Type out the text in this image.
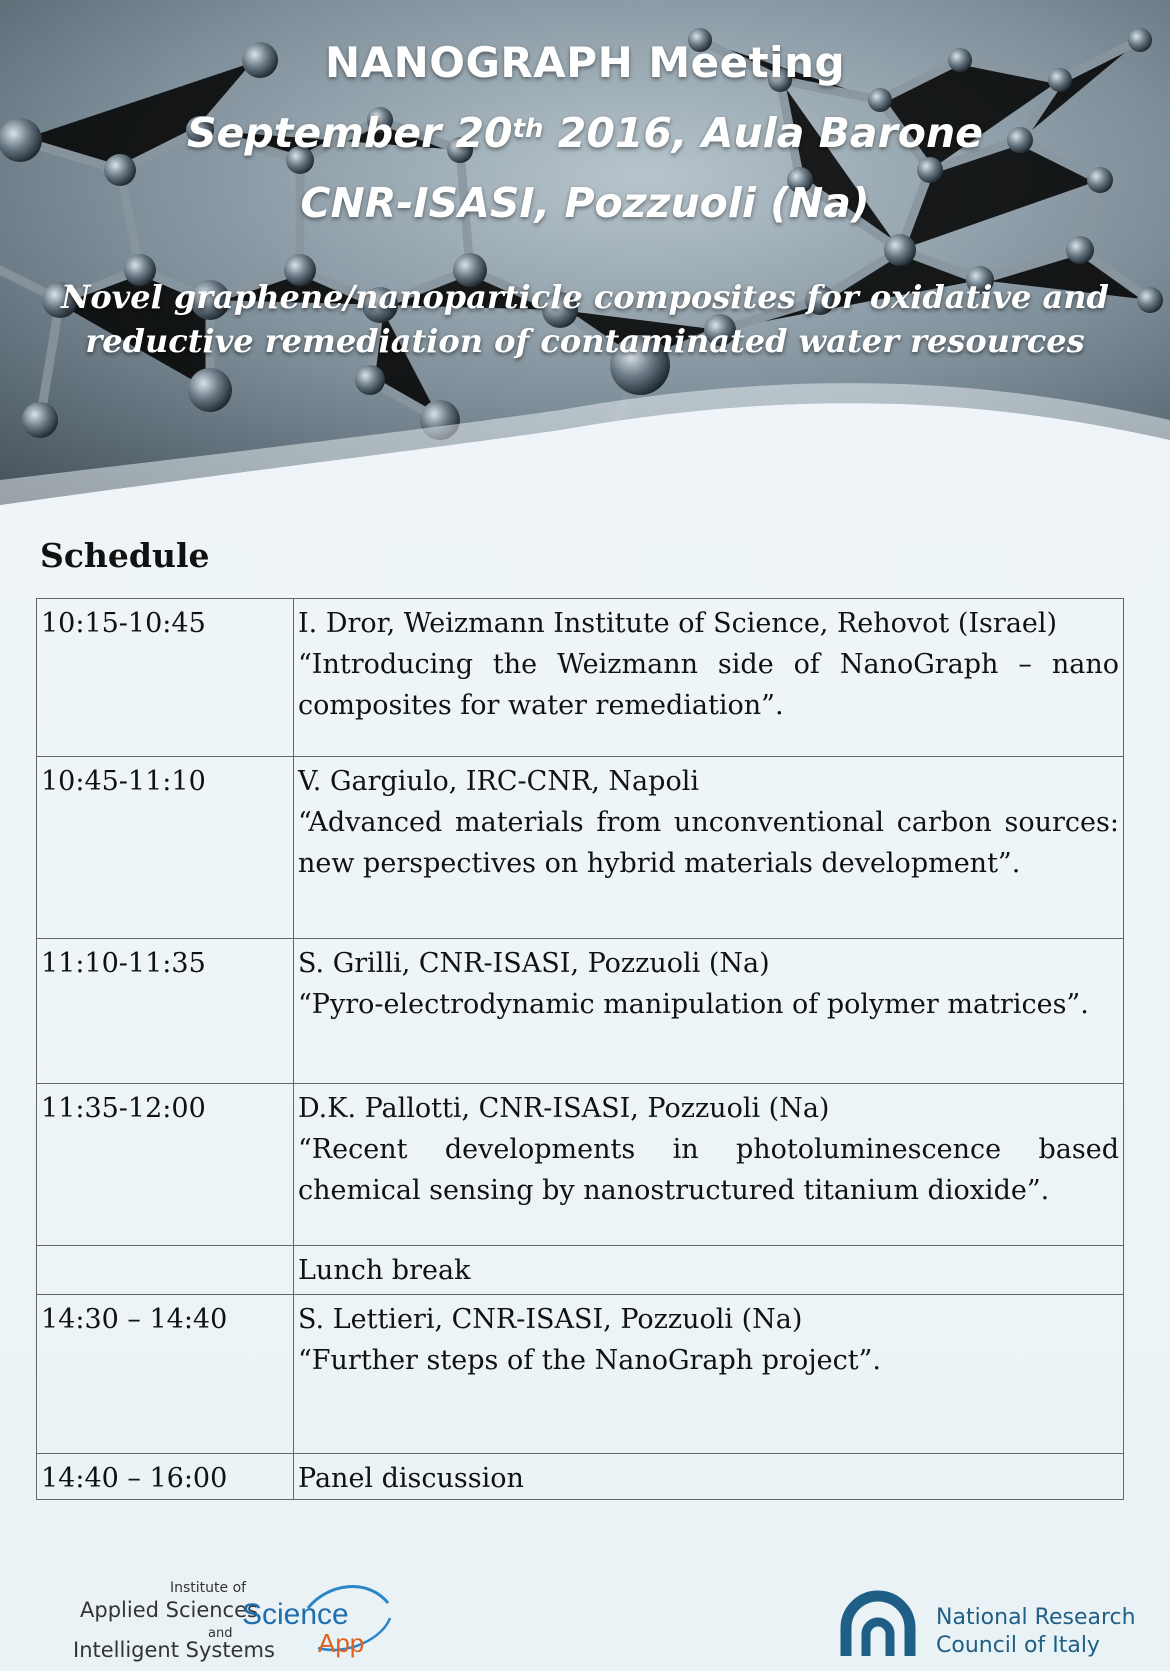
NANOGRAPH Meeting
September 20th 2016, Aula Barone
CNR-ISASI, Pozzuoli (Na)
Novel graphene/nanoparticle composites for oxidative and
reductive remediation of contaminated water resources
Schedule
10:15-10:45	I. Dror, Weizmann Institute of Science, Rehovot (Israel)
“Introducing the Weizmann side of NanoGraph – nano composites for water remediation”.

10:45-11:10	V. Gargiulo, IRC-CNR, Napoli
“Advanced materials from unconventional carbon sources: new perspectives on hybrid materials development”.

11:10-11:35	S. Grilli, CNR-ISASI, Pozzuoli (Na)
“Pyro-electrodynamic manipulation of polymer matrices”.

11:35-12:00	D.K. Pallotti, CNR-ISASI, Pozzuoli (Na)
“Recent developments in photoluminescence based chemical sensing by nanostructured titanium dioxide”.

	Lunch break

14:30 – 14:40	S. Lettieri, CNR-ISASI, Pozzuoli (Na)
“Further steps of the NanoGraph project”.

14:40 – 16:00	Panel discussion
Institute of
Applied Sciences
and
Intelligent Systems
Science
App
National Research
Council of Italy
